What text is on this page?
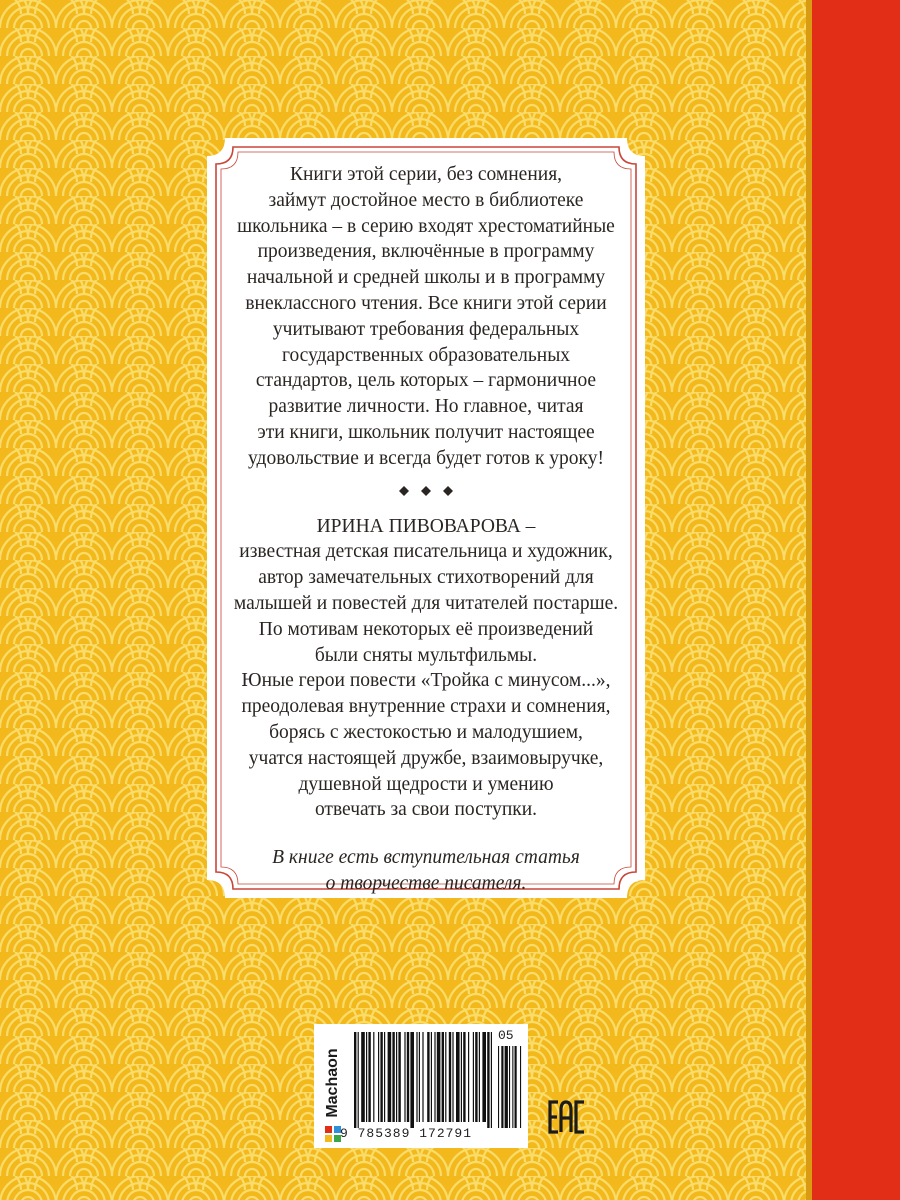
Книги этой серии, без сомнения,
займут достойное место в библиотеке
школьника – в серию входят хрестоматийные
произведения, включённые в программу
начальной и средней школы и в программу
внеклассного чтения. Все книги этой серии
учитывают требования федеральных
государственных образовательных
стандартов, цель которых – гармоничное
развитие личности. Но главное, читая
эти книги, школьник получит настоящее
удовольствие и всегда будет готов к уроку!

ИРИНА ПИВОВАРОВА –
известная детская писательница и художник,
автор замечательных стихотворений для
малышей и повестей для читателей постарше.
По мотивам некоторых её произведений
были сняты мультфильмы.
Юные герои повести «Тройка с минусом...»,
преодолевая внутренние страхи и сомнения,
борясь с жестокостью и малодушием,
учатся настоящей дружбе, взаимовыручке,
душевной щедрости и умению
отвечать за свои поступки.

В книге есть вступительная статья
о творчестве писателя.

Machaon
05
9 785389 172791
